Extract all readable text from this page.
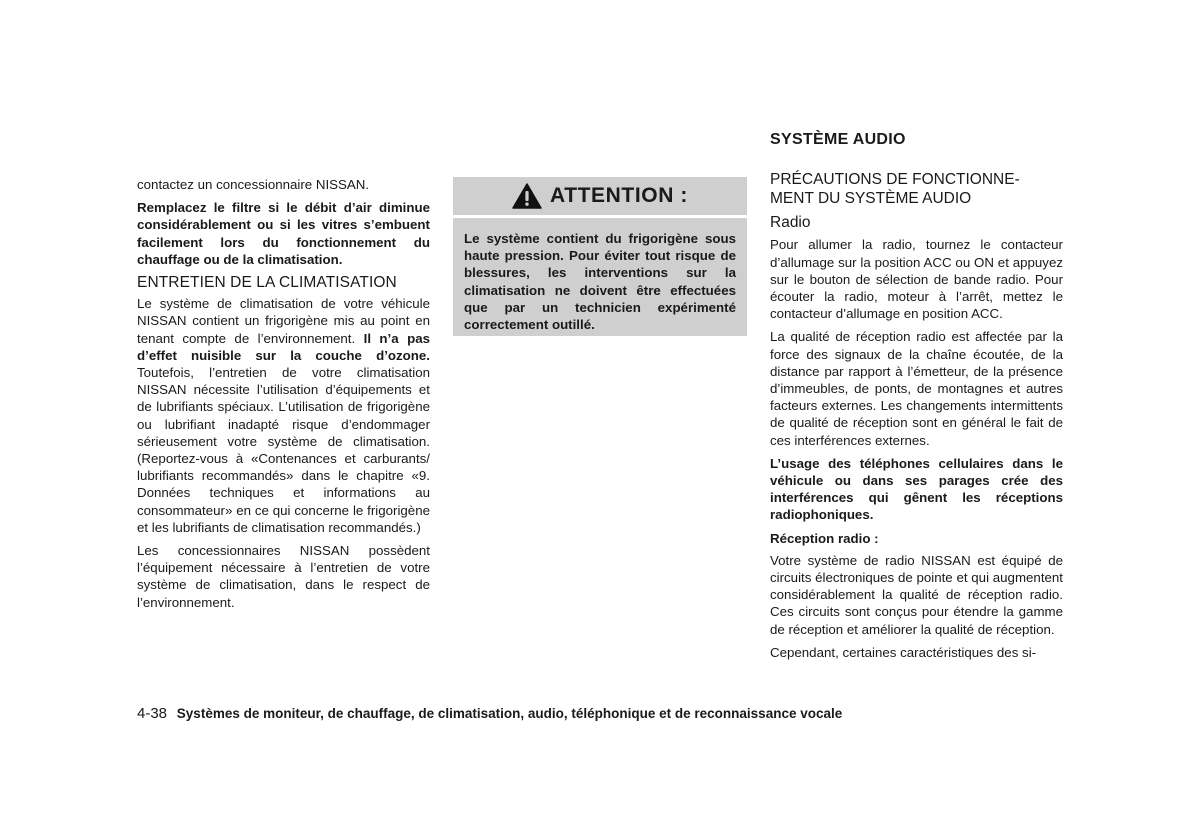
contactez un concessionnaire NISSAN.

Remplacez le filtre si le débit d’air diminue considérablement ou si les vitres s’embuent facilement lors du fonctionnement du chauffage ou de la climatisation.

ENTRETIEN DE LA CLIMATISATION

Le système de climatisation de votre véhicule NISSAN contient un frigorigène mis au point en tenant compte de l’environnement. Il n’a pas d’effet nuisible sur la couche d’ozone. Toutefois, l’entretien de votre climatisation NISSAN nécessite l’utilisation d’équipements et de lubrifiants spéciaux. L’utilisation de frigorigène ou lubrifiant inadapté risque d’endommager sérieusement votre système de climatisation. (Reportez-vous à «Contenances et carburants/ lubrifiants recommandés» dans le chapitre «9. Données techniques et informations au consommateur» en ce qui concerne le frigorigène et les lubrifiants de climatisation recommandés.)

Les concessionnaires NISSAN possèdent l’équipement nécessaire à l’entretien de votre système de climatisation, dans le respect de l’environnement.

ATTENTION :
Le système contient du frigorigène sous haute pression. Pour éviter tout risque de blessures, les interventions sur la climatisation ne doivent être effectuées que par un technicien expérimenté correctement outillé.
SYSTÈME AUDIO
PRÉCAUTIONS DE FONCTIONNE-
MENT DU SYSTÈME AUDIO
Radio

Pour allumer la radio, tournez le contacteur d’allumage sur la position ACC ou ON et appuyez sur le bouton de sélection de bande radio. Pour écouter la radio, moteur à l’arrêt, mettez le contacteur d’allumage en position ACC.

La qualité de réception radio est affectée par la force des signaux de la chaîne écoutée, de la distance par rapport à l’émetteur, de la présence d’immeubles, de ponts, de montagnes et autres facteurs externes. Les changements intermittents de qualité de réception sont en général le fait de ces interférences externes.

L’usage des téléphones cellulaires dans le véhicule ou dans ses parages crée des interférences qui gênent les réceptions radiophoniques.

Réception radio :

Votre système de radio NISSAN est équipé de circuits électroniques de pointe et qui augmentent considérablement la qualité de réception radio. Ces circuits sont conçus pour étendre la gamme de réception et améliorer la qualité de réception.

Cependant, certaines caractéristiques des si-

4-38 Systèmes de moniteur, de chauffage, de climatisation, audio, téléphonique et de reconnaissance vocale
